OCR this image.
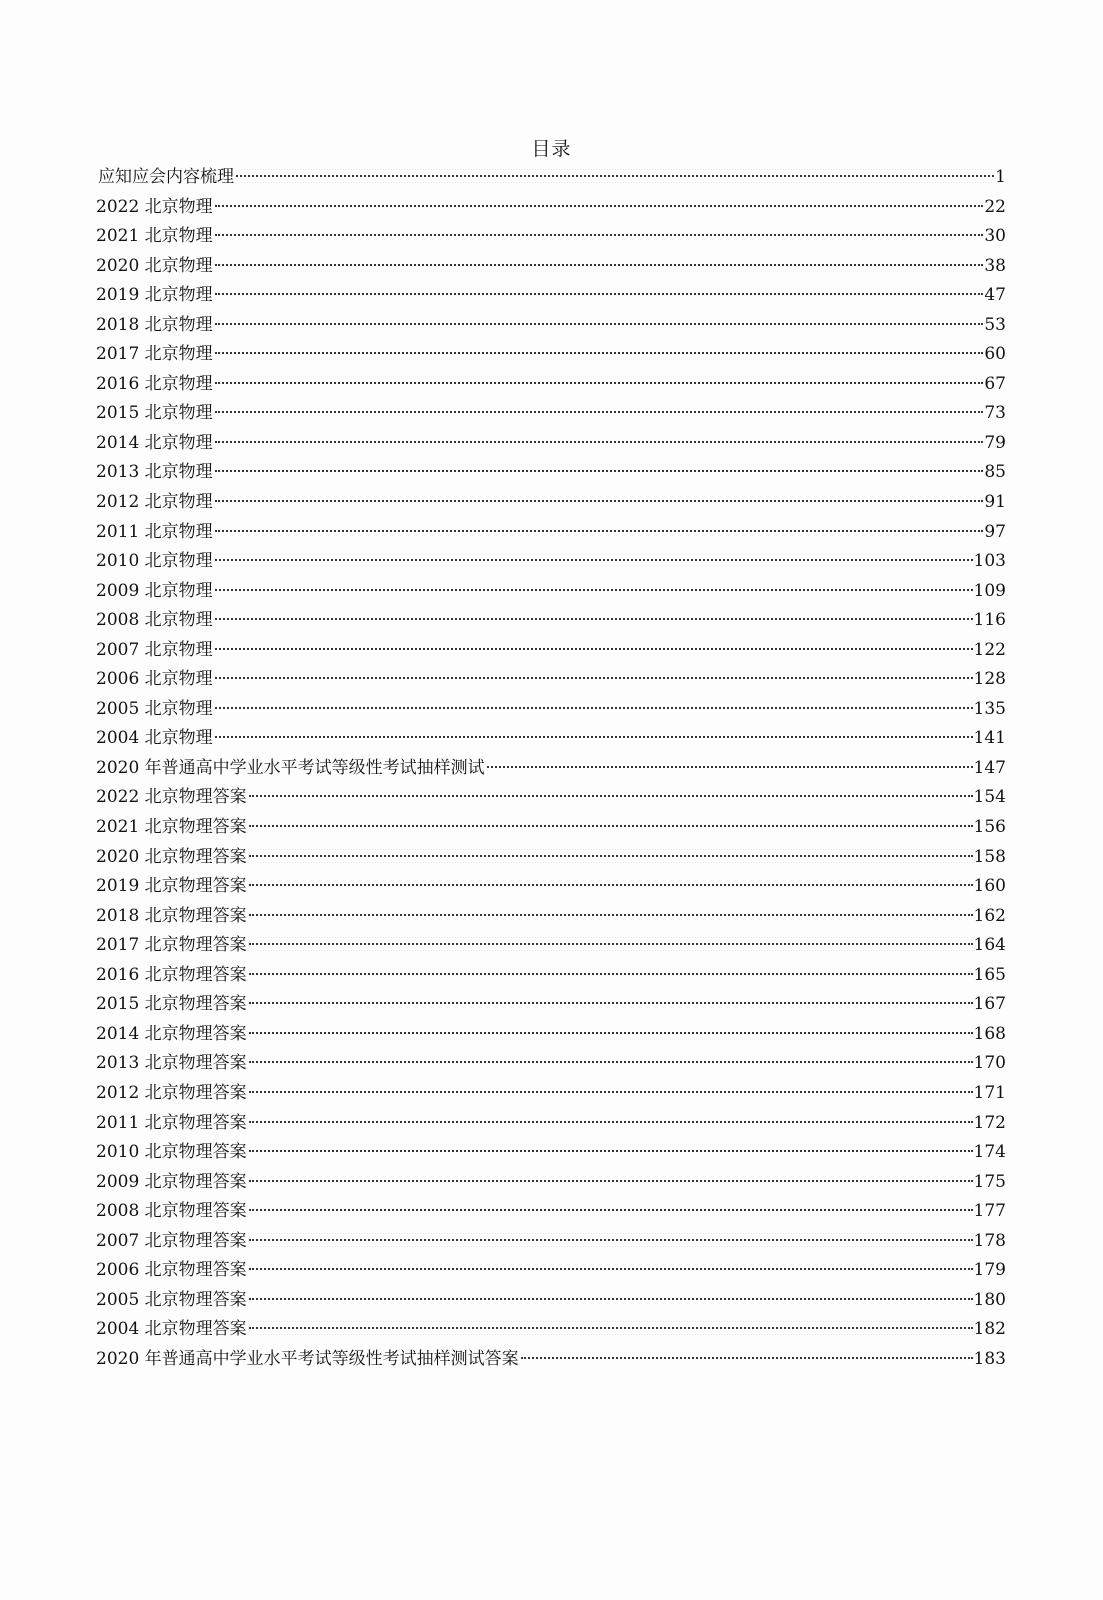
目录
应知应会内容梳理	1
2022 北京物理	22
2021 北京物理	30
2020 北京物理	38
2019 北京物理	47
2018 北京物理	53
2017 北京物理	60
2016 北京物理	67
2015 北京物理	73
2014 北京物理	79
2013 北京物理	85
2012 北京物理	91
2011 北京物理	97
2010 北京物理	103
2009 北京物理	109
2008 北京物理	116
2007 北京物理	122
2006 北京物理	128
2005 北京物理	135
2004 北京物理	141
2020 年普通高中学业水平考试等级性考试抽样测试	147
2022 北京物理答案	154
2021 北京物理答案	156
2020 北京物理答案	158
2019 北京物理答案	160
2018 北京物理答案	162
2017 北京物理答案	164
2016 北京物理答案	165
2015 北京物理答案	167
2014 北京物理答案	168
2013 北京物理答案	170
2012 北京物理答案	171
2011 北京物理答案	172
2010 北京物理答案	174
2009 北京物理答案	175
2008 北京物理答案	177
2007 北京物理答案	178
2006 北京物理答案	179
2005 北京物理答案	180
2004 北京物理答案	182
2020 年普通高中学业水平考试等级性考试抽样测试答案	183
